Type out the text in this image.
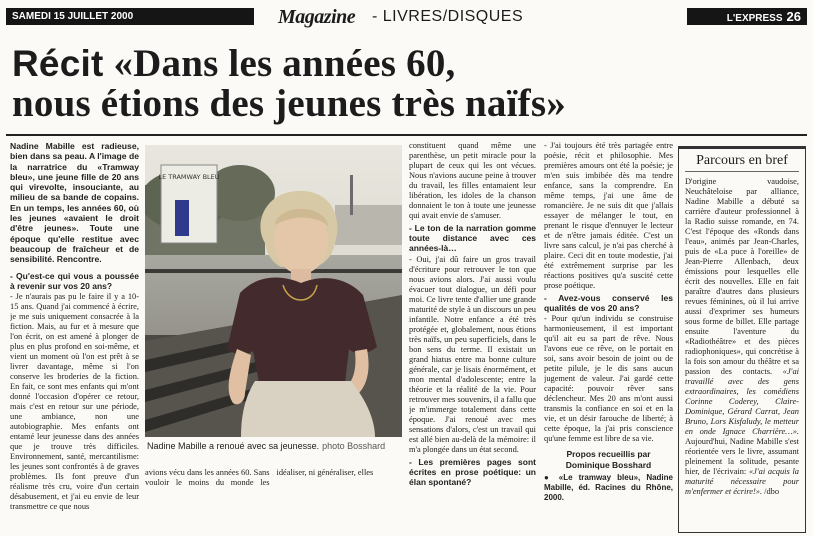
SAMEDI 15 JUILLET 2000	Magazine - LIVRES/DISQUES	L'EXPRESS 26
Récit «Dans les années 60,
nous étions des jeunes très naïfs»

Nadine Mabille est radieuse, bien dans sa peau. A l'image de la narratrice du «Tramway bleu», une jeune fille de 20 ans qui virevolte, insouciante, au milieu de sa bande de copains. En un temps, les années 60, où les jeunes «avaient le droit d'être jeunes». Toute une époque qu'elle restitue avec beaucoup de fraîcheur et de sensibilité. Rencontre.

- Qu'est-ce qui vous a poussée à revenir sur vos 20 ans?

- Je n'aurais pas pu le faire il y a 10-15 ans. Quand j'ai commencé à écrire, je me suis uniquement consacrée à la fiction. Mais, au fur et à mesure que l'on écrit, on est amené à plonger de plus en plus profond en soi-même, et vient un moment où l'on est prêt à se livrer davantage, même si l'on conserve les broderies de la fiction. En fait, ce sont mes enfants qui m'ont donné l'occasion d'opérer ce retour, mais c'est en retour sur une période, une ambiance, non une autobiographie. Mes enfants ont entamé leur jeunesse dans des années que je trouve très difficiles. Environnement, santé, mercantilisme: les jeunes sont confrontés à de graves problèmes. Ils font preuve d'un réalisme très cru, voire d'un certain désabusement, et j'ai eu envie de leur transmettre ce que nous

LE TRAMWAY BLEU
Nadine Mabille a renoué avec sa jeunesse. photo Bosshard

avions vécu dans les années 60. Sans vouloir le moins du monde les idéaliser, ni généraliser, elles

constituent quand même une parenthèse, un petit miracle pour la plupart de ceux qui les ont vécues. Nous n'avions aucune peine à trouver du travail, les filles entamaient leur libération, les idoles de la chanson donnaient le ton à toute une jeunesse qui avait envie de s'amuser.

- Le ton de la narration gomme toute distance avec ces années-là…

- Oui, j'ai dû faire un gros travail d'écriture pour retrouver le ton que nous avions alors. J'ai aussi voulu évacuer tout dialogue, un défi pour moi. Ce livre tente d'allier une grande maturité de style à un discours un peu infantile. Notre enfance a été très protégée et, globalement, nous étions très naïfs, un peu superficiels, dans le bon sens du terme. Il existait un grand hiatus entre ma bonne culture générale, car je lisais énormément, et mon mental d'adolescente; entre la théorie et la réalité de la vie. Pour retrouver mes souvenirs, il a fallu que je m'immerge totalement dans cette époque. J'ai renoué avec mes sensations d'alors, c'est un travail qui est allé bien au-delà de la mémoire: il m'a plongée dans un état second.

- Les premières pages sont écrites en prose poétique: un élan spontané?

- J'ai toujours été très partagée entre poésie, récit et philosophie. Mes premières amours ont été la poésie; je m'en suis imbibée dès ma tendre enfance, sans la comprendre. En même temps, j'ai une âme de romancière. Je ne suis dit que j'allais essayer de mélanger le tout, en prenant le risque d'ennuyer le lecteur et de n'être jamais éditée. C'est un livre sans calcul, je n'ai pas cherché à plaire. Ceci dit en toute modestie, j'ai été extrêmement surprise par les réactions positives qu'a suscité cette prose poétique.

- Avez-vous conservé les qualités de vos 20 ans?

- Pour qu'un individu se construise harmonieusement, il est important qu'il ait eu sa part de rêve. Nous l'avons eue ce rêve, on le portait en soi, sans avoir besoin de joint ou de petite pilule, je le dis sans aucun jugement de valeur. J'ai gardé cette capacité: pouvoir rêver sans déclencheur. Mes 20 ans m'ont aussi transmis la confiance en soi et en la vie, et un désir farouche de liberté; à cette époque, la j'ai pris conscience qu'une femme est libre de sa vie.

Propos recueillis par Dominique Bosshard

● «Le tramway bleu», Nadine Mabille, éd. Racines du Rhône, 2000.

Parcours en bref
D'origine vaudoise, Neuchâteloise par alliance, Nadine Mabille a débuté sa carrière d'auteur professionnel à la Radio suisse romande, en 74. C'est l'époque des «Ronds dans l'eau», animés par Jean-Charles, puis de «La puce à l'oreille» de Jean-Pierre Allenbach, deux émissions pour lesquelles elle écrit des nouvelles. Elle en fait paraître d'autres dans plusieurs revues féminines, où il lui arrive aussi d'exprimer ses humeurs sous forme de billet. Elle partage ensuite l'aventure du «Radiothéâtre» et des pièces radiophoniques», qui concrétise à la fois son amour du théâtre et sa passion des contacts. «J'ai travaillé avec des gens extraordinaires, les comédiens Corinne Coderey, Claire-Dominique, Gérard Carrat, Jean Bruno, Lors Kisfaludy, le metteur en onde Ignace Charrière…». Aujourd'hui, Nadine Mabille s'est réorientée vers le livre, assumant pleinement la solitude, pesante hier, de l'écrivain: «J'ai acquis la maturité nécessaire pour m'enfermer et écrire!». /dbo
